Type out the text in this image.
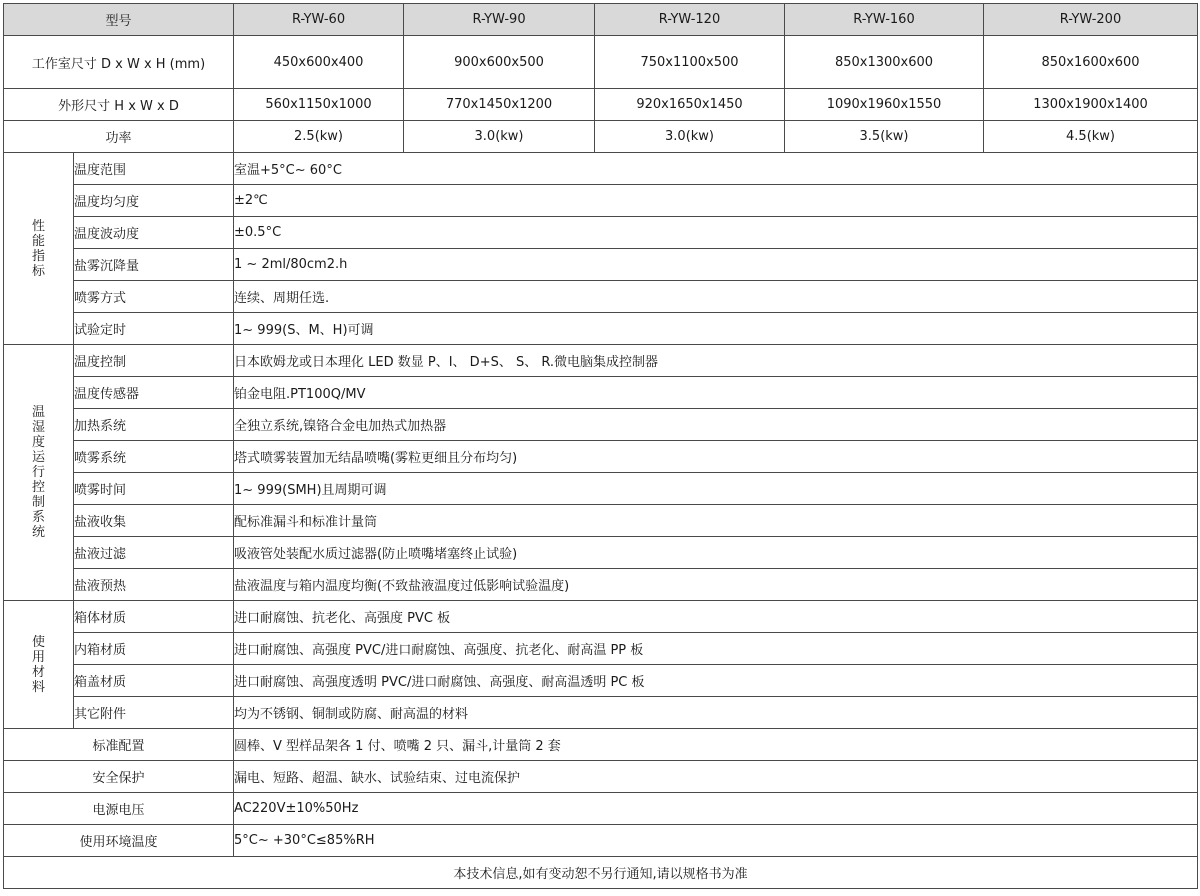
型号		R-YW-60	R-YW-90	R-YW-120	R-YW-160	R-YW-200
工作室尺寸 D x W x H (mm)		450x600x400	900x600x500	750x1100x500	850x1300x600	850x1600x600
外形尺寸 H x W x D		560x1150x1000	770x1450x1200	920x1650x1450	1090x1960x1550	1300x1900x1400
功率		2.5(kw)	3.0(kw)	3.0(kw)	3.5(kw)	4.5(kw)
性能指标	温度范围	室温+5°C~ 60°C				
	温度均匀度	±2℃				
	温度波动度	±0.5°C				
	盐雾沉降量	1 ~ 2ml/80cm2.h				
	喷雾方式	连续、周期任选.				
	试验定时	1~ 999(S、M、H)可调				
温湿度运行控制系统	温度控制	日本欧姆龙或日本理化 LED 数显 P、I、 D+S、 S、 R.微电脑集成控制器				
	温度传感器	铂金电阻.PT100Q/MV				
	加热系统	全独立系统,镍铬合金电加热式加热器				
	喷雾系统	塔式喷雾装置加无结晶喷嘴(雾粒更细且分布均匀)				
	喷雾时间	1~ 999(SMH)且周期可调				
	盐液收集	配标准漏斗和标准计量筒				
	盐液过滤	吸液管处装配水质过滤器(防止喷嘴堵塞终止试验)				
	盐液预热	盐液温度与箱内温度均衡(不致盐液温度过低影响试验温度)				
使用材料	箱体材质	进口耐腐蚀、抗老化、高强度 PVC 板				
	内箱材质	进口耐腐蚀、高强度 PVC/进口耐腐蚀、高强度、抗老化、耐高温 PP 板				
	箱盖材质	进口耐腐蚀、高强度透明 PVC/进口耐腐蚀、高强度、耐高温透明 PC 板				
	其它附件	均为不锈钢、铜制或防腐、耐高温的材料				
标准配置		圆棒、V 型样品架各 1 付、喷嘴 2 只、漏斗,计量筒 2 套				
安全保护		漏电、短路、超温、缺水、试验结束、过电流保护				
电源电压		AC220V±10%50Hz				
使用环境温度		5°C~ +30°C≤85%RH				
本技术信息,如有变动恕不另行通知,请以规格书为准						
